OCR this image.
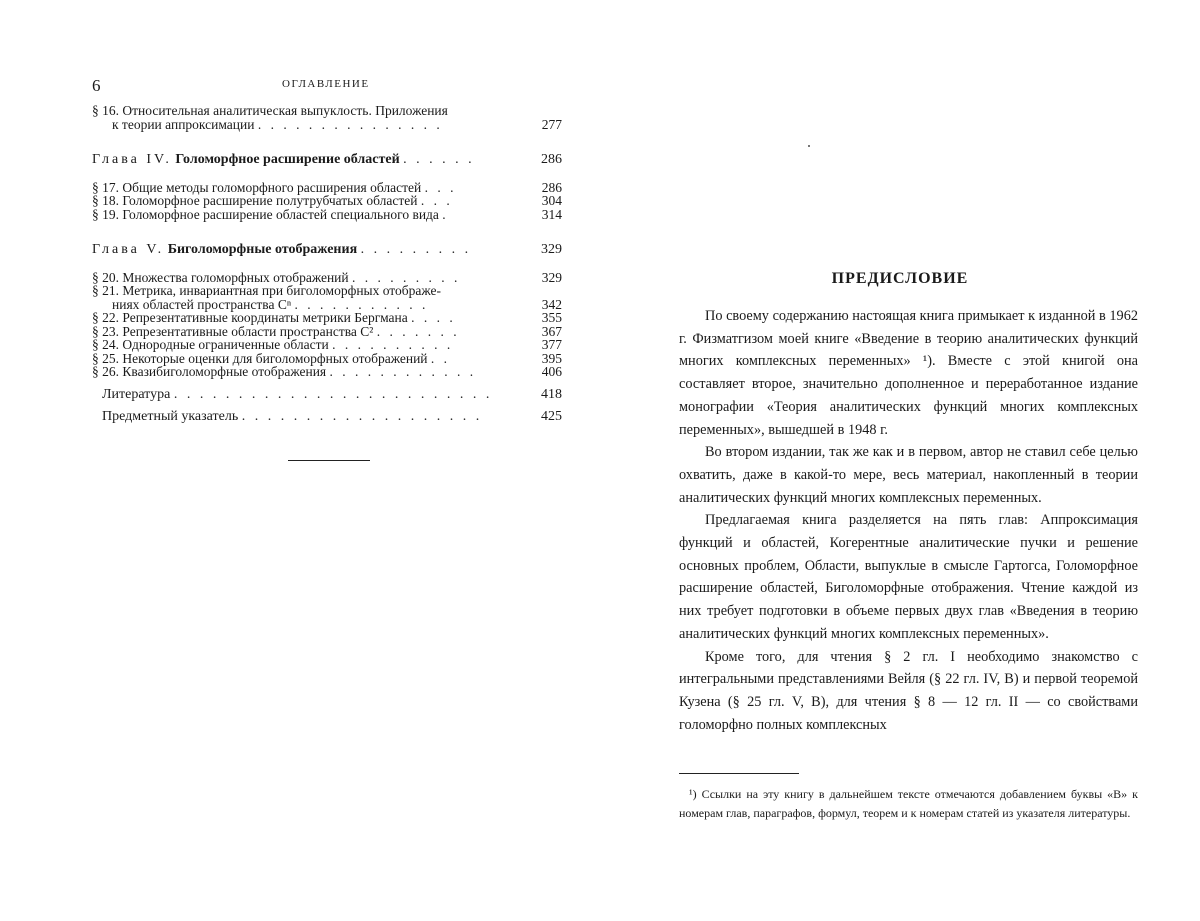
6	ОГЛАВЛЕНИЕ
§ 16. Относительная аналитическая выпуклость. Приложения
к теории аппроксимации . . . . . . . . . . . . . . .	277
Глава IV. Голоморфное расширение областей . . . . . .	286
§ 17. Общие методы голоморфного расширения областей . . .	286
§ 18. Голоморфное расширение полутрубчатых областей . . .	304
§ 19. Голоморфное расширение областей специального вида .	314
Глава V. Биголоморфные отображения . . . . . . . . .	329
§ 20. Множества голоморфных отображений . . . . . . . . .	329
§ 21. Метрика, инвариантная при биголоморфных отображе-
ниях областей пространства Cⁿ . . . . . . . . . . .	342
§ 22. Репрезентативные координаты метрики Бергмана . . . .	355
§ 23. Репрезентативные области пространства C² . . . . . . .	367
§ 24. Однородные ограниченные области . . . . . . . . . .	377
§ 25. Некоторые оценки для биголоморфных отображений . .	395
§ 26. Квазибиголоморфные отображения . . . . . . . . . . . .	406
Литература . . . . . . . . . . . . . . . . . . . . . . . . .	418
Предметный указатель . . . . . . . . . . . . . . . . . . .	425
ПРЕДИСЛОВИЕ

По своему содержанию настоящая книга примыкает к изданной в 1962 г. Физматгизом моей книге «Введение в теорию аналитических функций многих комплексных переменных» ¹). Вместе с этой книгой она составляет второе, значительно дополненное и переработанное издание монографии «Теория аналитических функций многих комплексных переменных», вышедшей в 1948 г.

Во втором издании, так же как и в первом, автор не ставил себе целью охватить, даже в какой-то мере, весь материал, накопленный в теории аналитических функций многих комплексных переменных.

Предлагаемая книга разделяется на пять глав: Аппроксимация функций и областей, Когерентные аналитические пучки и решение основных проблем, Области, выпуклые в смысле Гартогса, Голоморфное расширение областей, Биголоморфные отображения. Чтение каждой из них требует подготовки в объеме первых двух глав «Введения в теорию аналитических функций многих комплексных переменных».

Кроме того, для чтения § 2 гл. I необходимо знакомство с интегральными представлениями Вейля (§ 22 гл. IV, В) и первой теоремой Кузена (§ 25 гл. V, В), для чтения § 8 — 12 гл. II — со свойствами голоморфно полных комплексных

¹) Ссылки на эту книгу в дальнейшем тексте отмечаются добавлением буквы «В» к номерам глав, параграфов, формул, теорем и к номерам статей из указателя литературы.
